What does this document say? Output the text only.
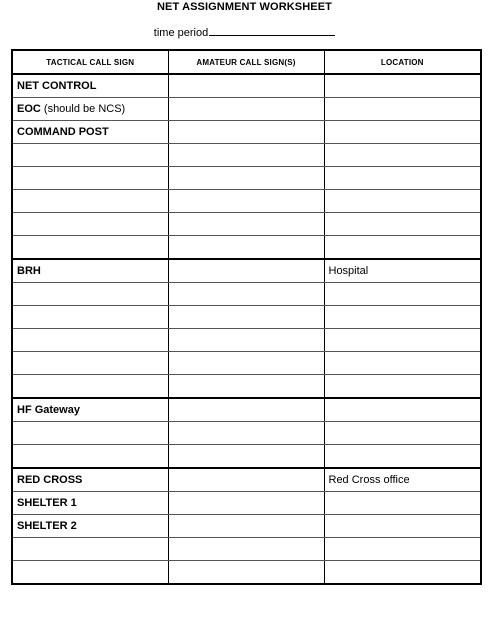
NET ASSIGNMENT WORKSHEET
time period
TACTICAL CALL SIGN	AMATEUR CALL SIGN(S)	LOCATION
NET CONTROL		
EOC (should be NCS)		
COMMAND POST		

BRH		Hospital

HF Gateway		

RED CROSS		Red Cross office
SHELTER 1		
SHELTER 2		
